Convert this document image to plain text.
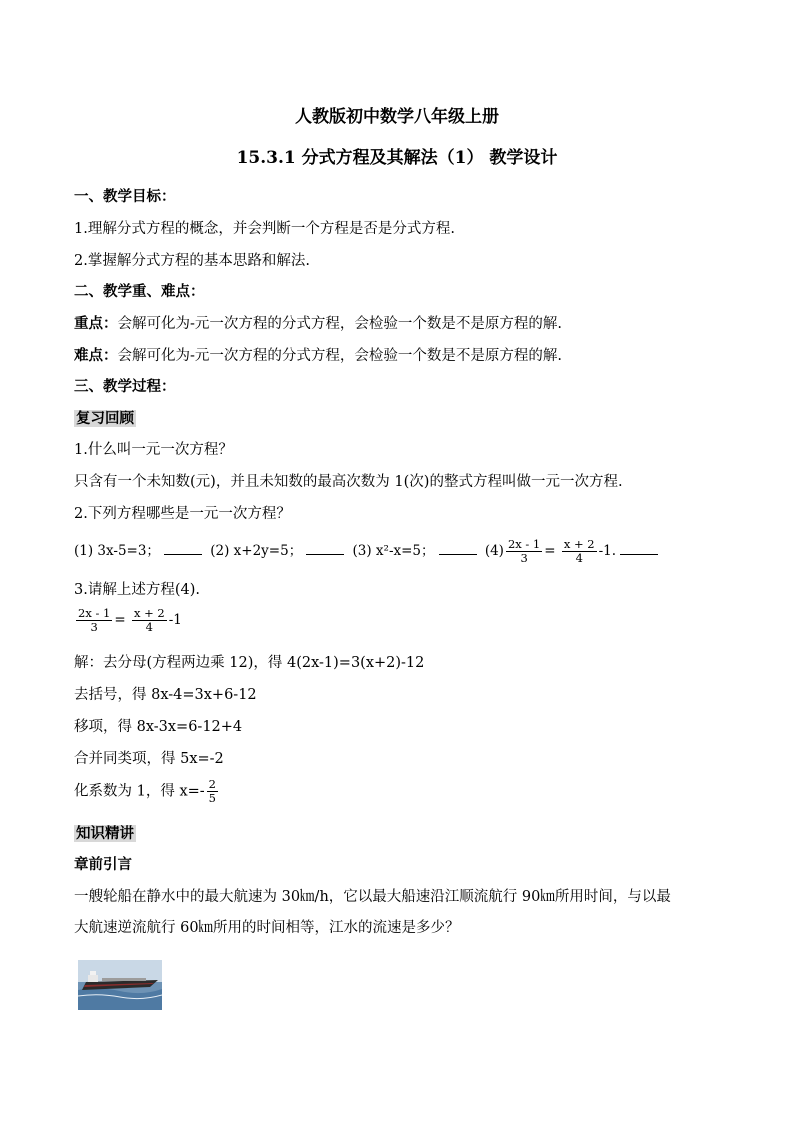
人教版初中数学八年级上册
15.3.1 分式方程及其解法（1） 教学设计
一、教学目标：
1.理解分式方程的概念，并会判断一个方程是否是分式方程.
2.掌握解分式方程的基本思路和解法.
二、教学重、难点：
重点：会解可化为-元一次方程的分式方程，会检验一个数是不是原方程的解.
难点：会解可化为-元一次方程的分式方程，会检验一个数是不是原方程的解.
三、教学过程：
复习回顾
1.什么叫一元一次方程？
只含有一个未知数(元)，并且未知数的最高次数为 1(次)的整式方程叫做一元一次方程.
2.下列方程哪些是一元一次方程？
(1) 3x-5=3；	(2) x+2y=5；	(3) x²-x=5；	$(4) \frac{2x - 1}{3} = \frac{x + 2}{4} -1$.
3.请解上述方程(4).
$\frac{2x - 1}{3} = \frac{x + 2}{4} -1$
解：去分母(方程两边乘 12)，得 4(2x-1)=3(x+2)-12
去括号，得 8x-4=3x+6-12
移项，得 8x-3x=6-12+4
合并同类项，得 5x=-2
化系数为 1，得 $x=- \frac{2}{5}$
知识精讲
章前引言
一艘轮船在静水中的最大航速为 30㎞/h，它以最大船速沿江顺流航行 90㎞所用时间，与以最
大航速逆流航行 60㎞所用的时间相等，江水的流速是多少？
